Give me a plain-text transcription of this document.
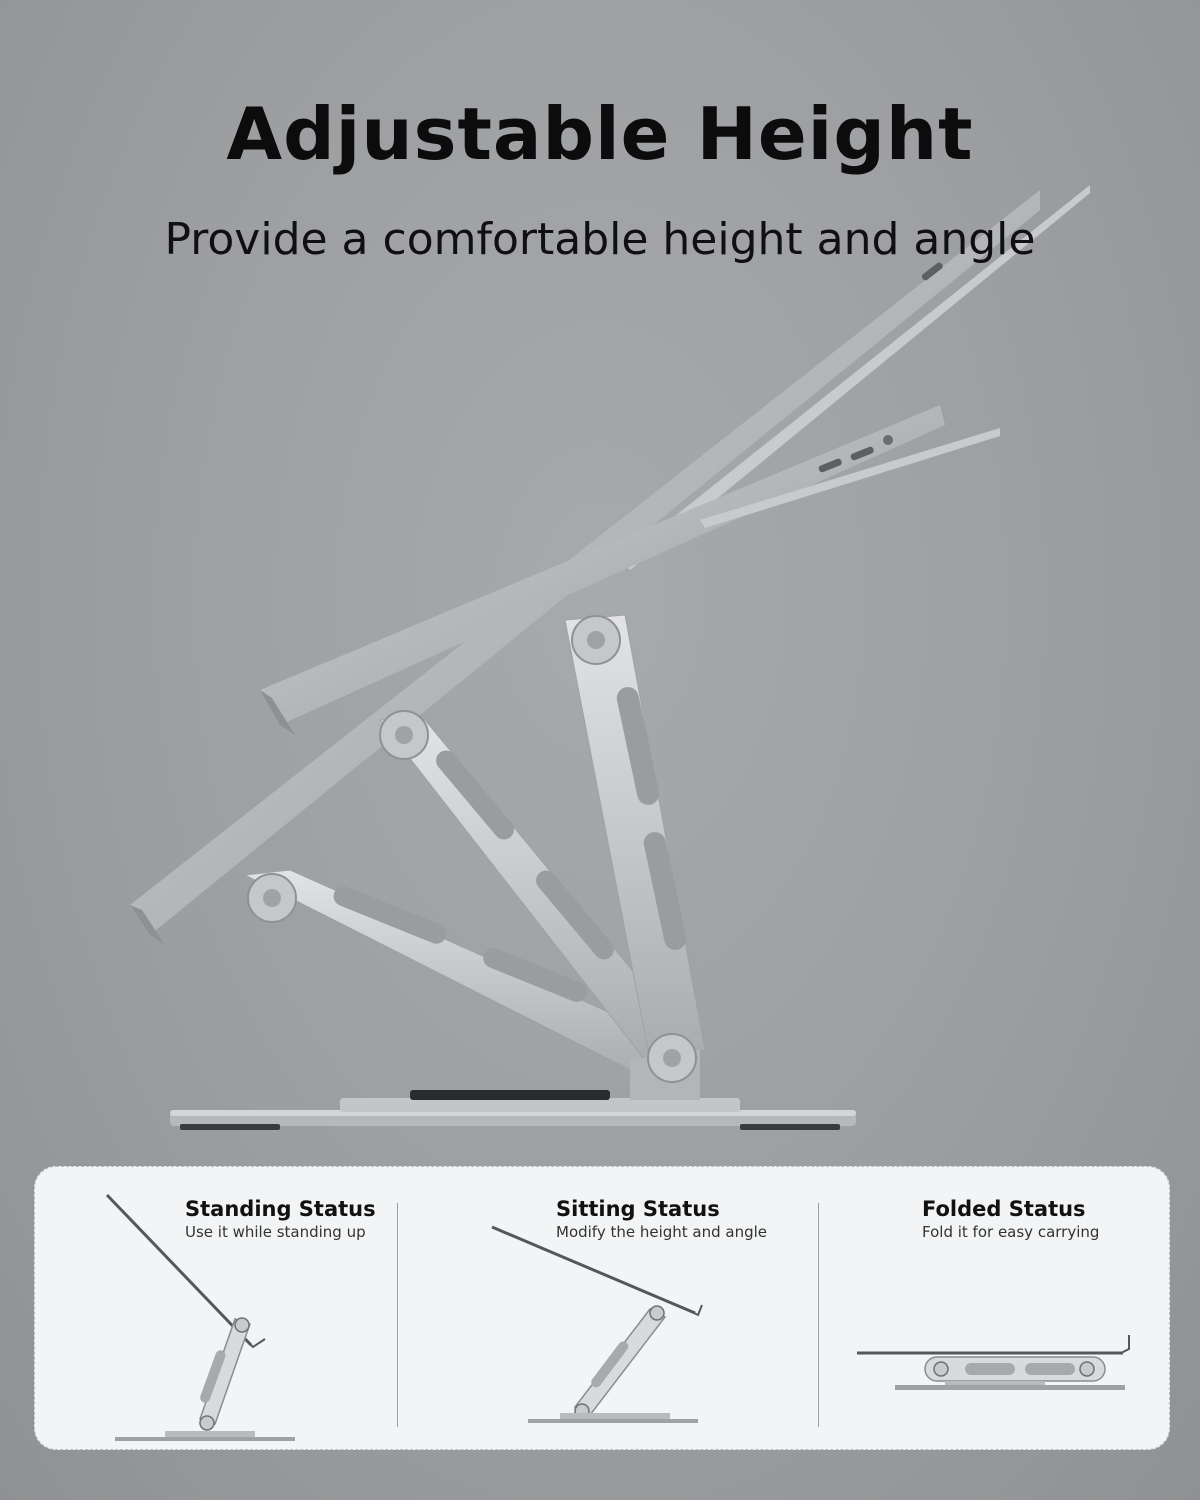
Adjustable Height

Provide a comfortable height and angle

Standing Status
Use it while standing up
Sitting Status
Modify the height and angle
Folded Status
Fold it for easy carrying
